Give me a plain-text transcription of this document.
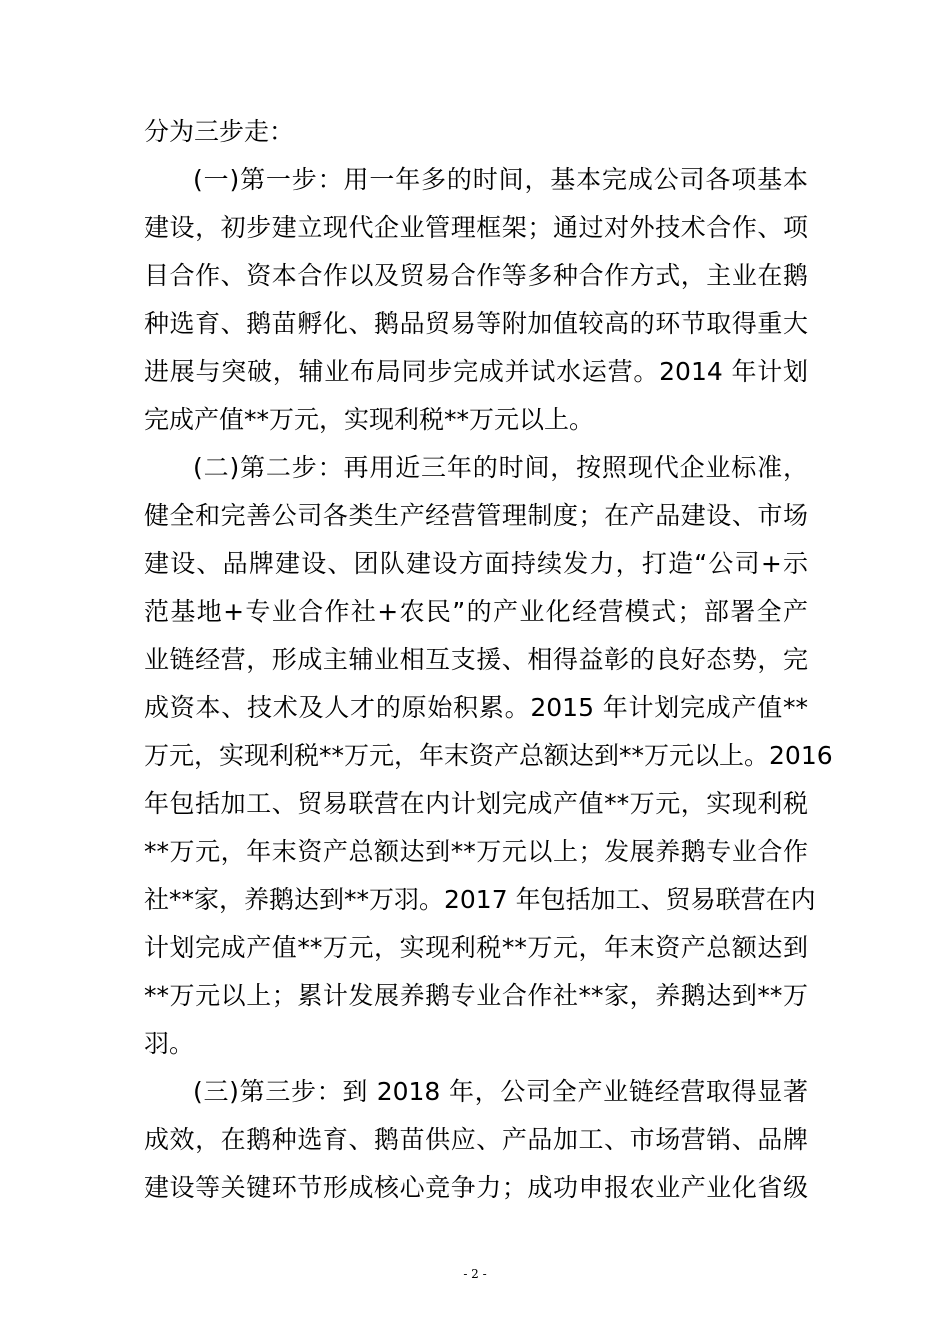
分为三步走：
(一)第一步：用一年多的时间，基本完成公司各项基本
建设，初步建立现代企业管理框架；通过对外技术合作、项
目合作、资本合作以及贸易合作等多种合作方式，主业在鹅
种选育、鹅苗孵化、鹅品贸易等附加值较高的环节取得重大
进展与突破，辅业布局同步完成并试水运营。2014 年计划
完成产值**万元，实现利税**万元以上。
(二)第二步：再用近三年的时间，按照现代企业标准，
健全和完善公司各类生产经营管理制度；在产品建设、市场
建设、品牌建设、团队建设方面持续发力，打造“公司+示
范基地+专业合作社+农民”的产业化经营模式；部署全产
业链经营，形成主辅业相互支援、相得益彰的良好态势，完
成资本、技术及人才的原始积累。2015 年计划完成产值**
万元，实现利税**万元，年末资产总额达到**万元以上。2016
年包括加工、贸易联营在内计划完成产值**万元，实现利税
**万元，年末资产总额达到**万元以上；发展养鹅专业合作
社**家，养鹅达到**万羽。2017 年包括加工、贸易联营在内
计划完成产值**万元，实现利税**万元，年末资产总额达到
**万元以上；累计发展养鹅专业合作社**家，养鹅达到**万
羽。
(三)第三步：到 2018 年，公司全产业链经营取得显著
成效，在鹅种选育、鹅苗供应、产品加工、市场营销、品牌
建设等关键环节形成核心竞争力；成功申报农业产业化省级
- 2 -
